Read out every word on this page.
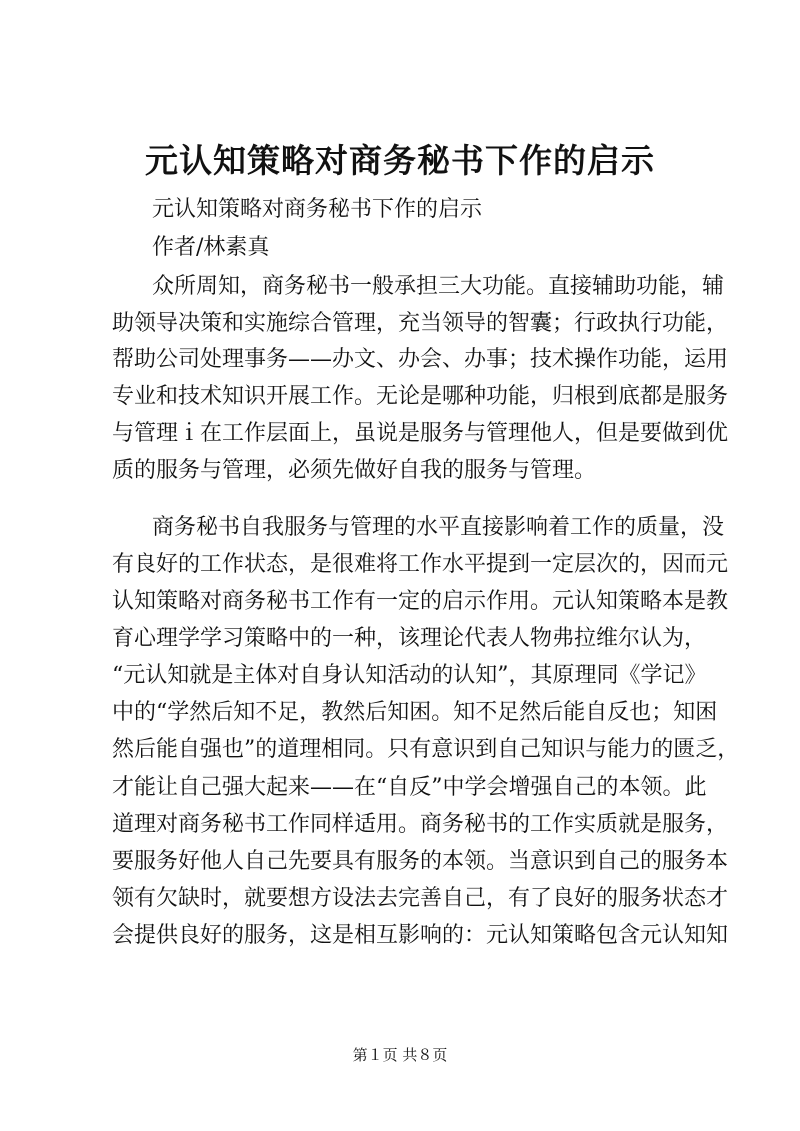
元认知策略对商务秘书下作的启示
元认知策略对商务秘书下作的启示
作者/林素真
众所周知，商务秘书一般承担三大功能。直接辅助功能，辅
助领导决策和实施综合管理，充当领导的智囊；行政执行功能，
帮助公司处理事务——办文、办会、办事；技术操作功能，运用
专业和技术知识开展工作。无论是哪种功能，归根到底都是服务
与管理ｉ在工作层面上，虽说是服务与管理他人，但是要做到优
质的服务与管理，必须先做好自我的服务与管理。
商务秘书自我服务与管理的水平直接影响着工作的质量，没
有良好的工作状态，是很难将工作水平提到一定层次的，因而元
认知策略对商务秘书工作有一定的启示作用。元认知策略本是教
育心理学学习策略中的一种，该理论代表人物弗拉维尔认为，
“元认知就是主体对自身认知活动的认知”，其原理同《学记》
中的“学然后知不足，教然后知困。知不足然后能自反也；知困
然后能自强也”的道理相同。只有意识到自己知识与能力的匮乏，
才能让自己强大起来——在“自反”中学会增强自己的本领。此
道理对商务秘书工作同样适用。商务秘书的工作实质就是服务，
要服务好他人自己先要具有服务的本领。当意识到自己的服务本
领有欠缺时，就要想方设法去完善自己，有了良好的服务状态才
会提供良好的服务，这是相互影响的：元认知策略包含元认知知
第１页 共８页
